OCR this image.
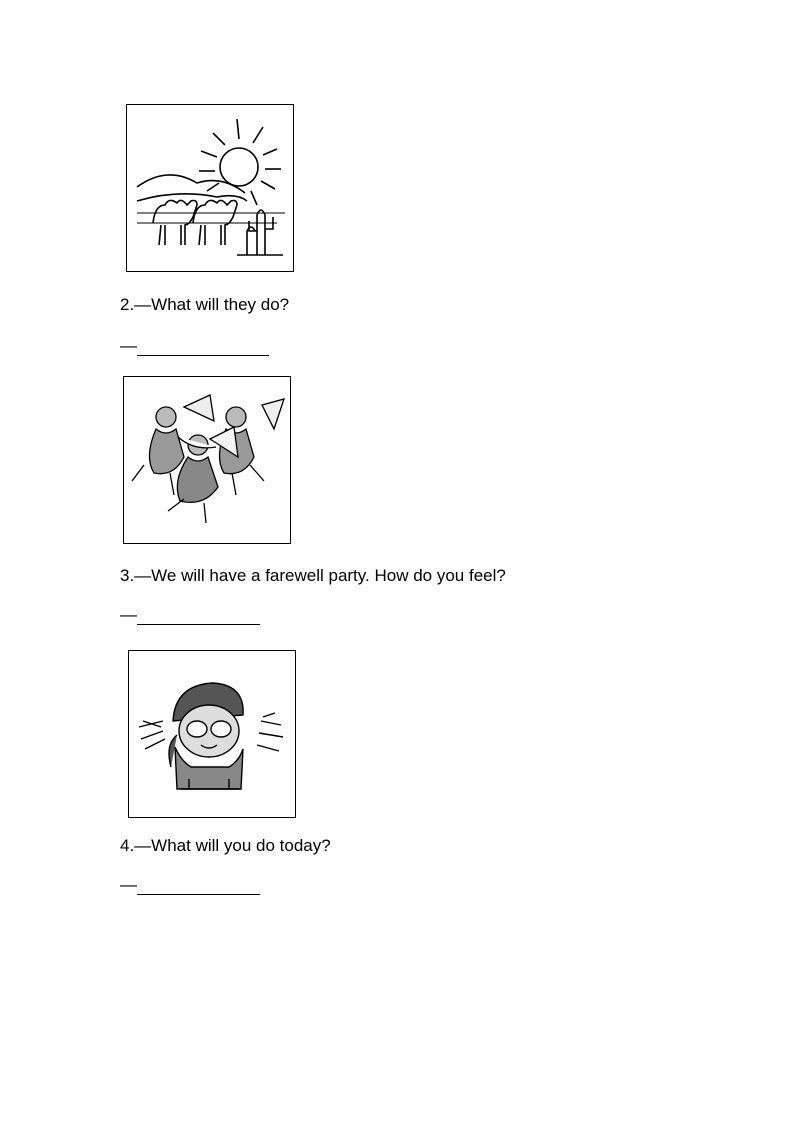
2.—What will they do?
—
3.—We will have a farewell party. How do you feel?
—
4.—What will you do today?
—
